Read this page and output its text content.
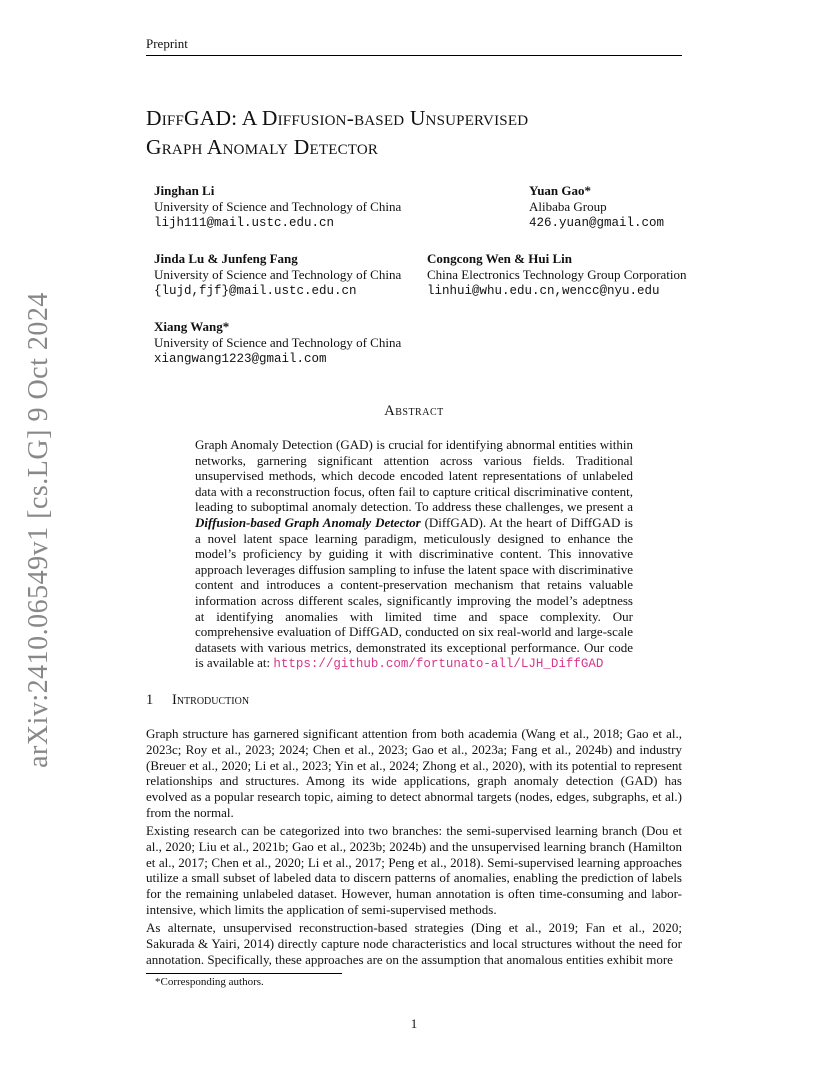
Preprint
arXiv:2410.06549v1 [cs.LG] 9 Oct 2024
DiffGAD: A Diffusion-based Unsupervised
Graph Anomaly Detector
Jinghan Li
University of Science and Technology of China
lijh111@mail.ustc.edu.cn
Yuan Gao*
Alibaba Group
426.yuan@gmail.com
Jinda Lu & Junfeng Fang
University of Science and Technology of China
{lujd,fjf}@mail.ustc.edu.cn
Congcong Wen & Hui Lin
China Electronics Technology Group Corporation
linhui@whu.edu.cn,wencc@nyu.edu
Xiang Wang*
University of Science and Technology of China
xiangwang1223@gmail.com
Abstract
Graph Anomaly Detection (GAD) is crucial for identifying abnormal entities within networks, garnering significant attention across various fields. Traditional unsupervised methods, which decode encoded latent representations of unlabeled data with a reconstruction focus, often fail to capture critical discriminative content, leading to suboptimal anomaly detection. To address these challenges, we present a Diffusion-based Graph Anomaly Detector (DiffGAD). At the heart of DiffGAD is a novel latent space learning paradigm, meticulously designed to enhance the model’s proficiency by guiding it with discriminative content. This innovative approach leverages diffusion sampling to infuse the latent space with discriminative content and introduces a content-preservation mechanism that retains valuable information across different scales, significantly improving the model’s adeptness at identifying anomalies with limited time and space complexity. Our comprehensive evaluation of DiffGAD, conducted on six real-world and large-scale datasets with various metrics, demonstrated its exceptional performance. Our code is available at: https://github.com/fortunato-all/LJH_DiffGAD
1 Introduction
Graph structure has garnered significant attention from both academia (Wang et al., 2018; Gao et al., 2023c; Roy et al., 2023; 2024; Chen et al., 2023; Gao et al., 2023a; Fang et al., 2024b) and industry (Breuer et al., 2020; Li et al., 2023; Yin et al., 2024; Zhong et al., 2020), with its potential to represent relationships and structures. Among its wide applications, graph anomaly detection (GAD) has evolved as a popular research topic, aiming to detect abnormal targets (nodes, edges, subgraphs, et al.) from the normal.
Existing research can be categorized into two branches: the semi-supervised learning branch (Dou et al., 2020; Liu et al., 2021b; Gao et al., 2023b; 2024b) and the unsupervised learning branch (Hamilton et al., 2017; Chen et al., 2020; Li et al., 2017; Peng et al., 2018). Semi-supervised learning approaches utilize a small subset of labeled data to discern patterns of anomalies, enabling the prediction of labels for the remaining unlabeled dataset. However, human annotation is often time-consuming and labor-intensive, which limits the application of semi-supervised methods.
As alternate, unsupervised reconstruction-based strategies (Ding et al., 2019; Fan et al., 2020; Sakurada & Yairi, 2014) directly capture node characteristics and local structures without the need for annotation. Specifically, these approaches are on the assumption that anomalous entities exhibit more
*Corresponding authors.
1
